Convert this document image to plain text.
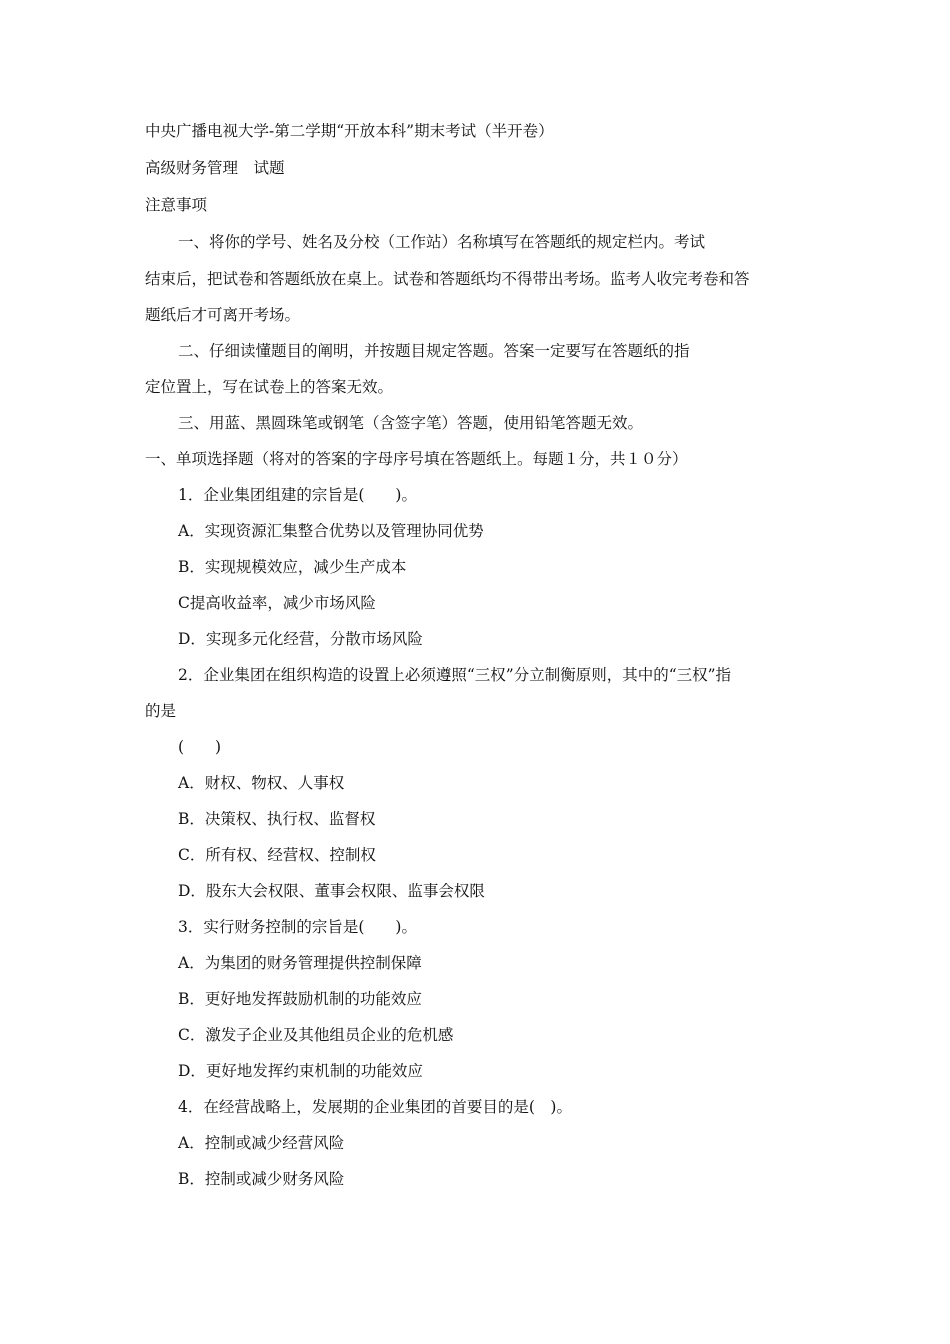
中央广播电视大学-第二学期“开放本科”期末考试（半开卷）
高级财务管理　试题
注意事项
一、将你的学号、姓名及分校（工作站）名称填写在答题纸的规定栏内。考试
结束后，把试卷和答题纸放在桌上。试卷和答题纸均不得带出考场。监考人收完考卷和答
题纸后才可离开考场。
二、仔细读懂题目的阐明，并按题目规定答题。答案一定要写在答题纸的指
定位置上，写在试卷上的答案无效。
三、用蓝、黑圆珠笔或钢笔（含签字笔）答题，使用铅笔答题无效。
一、单项选择题（将对的答案的字母序号填在答题纸上。每题１分，共１０分）
1．企业集团组建的宗旨是(　　)。
A．实现资源汇集整合优势以及管理协同优势
B．实现规模效应，减少生产成本
C提高收益率，减少市场风险
D．实现多元化经营，分散市场风险
2．企业集团在组织构造的设置上必须遵照“三权”分立制衡原则，其中的“三权”指
的是
(　　)
A．财权、物权、人事权
B．决策权、执行权、监督权
C．所有权、经营权、控制权
D．股东大会权限、董事会权限、监事会权限
3．实行财务控制的宗旨是(　　)。
A．为集团的财务管理提供控制保障
B．更好地发挥鼓励机制的功能效应
C．激发子企业及其他组员企业的危机感
D．更好地发挥约束机制的功能效应
4．在经营战略上，发展期的企业集团的首要目的是(　)。
A．控制或减少经营风险
B．控制或减少财务风险
